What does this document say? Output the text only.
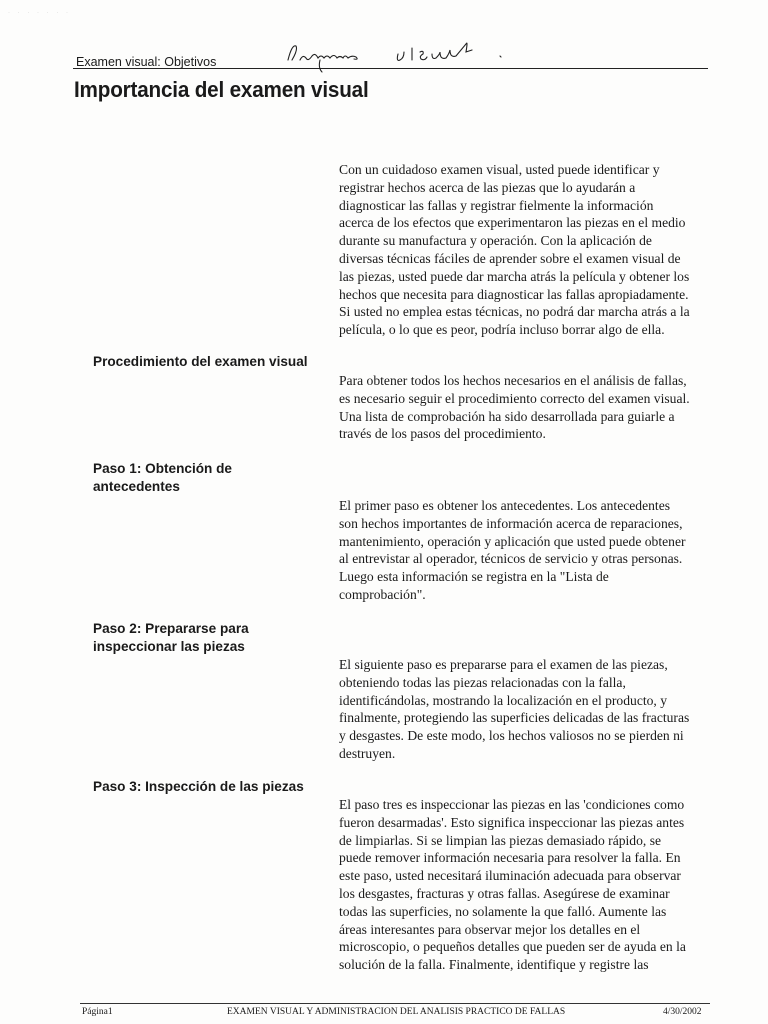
· · · · · · ·
Examen visual: Objetivos
Importancia del examen visual
Con un cuidadoso examen visual, usted puede identificar y
registrar hechos acerca de las piezas que lo ayudarán a
diagnosticar las fallas y registrar fielmente la información
acerca de los efectos que experimentaron las piezas en el medio
durante su manufactura y operación. Con la aplicación de
diversas técnicas fáciles de aprender sobre el examen visual de
las piezas, usted puede dar marcha atrás la película y obtener los
hechos que necesita para diagnosticar las fallas apropiadamente.
Si usted no emplea estas técnicas, no podrá dar marcha atrás a la
película, o lo que es peor, podría incluso borrar algo de ella.
Procedimiento del examen visual
Para obtener todos los hechos necesarios en el análisis de fallas,
es necesario seguir el procedimiento correcto del examen visual.
Una lista de comprobación ha sido desarrollada para guiarle a
través de los pasos del procedimiento.
Paso 1: Obtención de
antecedentes
El primer paso es obtener los antecedentes. Los antecedentes
son hechos importantes de información acerca de reparaciones,
mantenimiento, operación y aplicación que usted puede obtener
al entrevistar al operador, técnicos de servicio y otras personas.
Luego esta información se registra en la "Lista de
comprobación".
Paso 2: Prepararse para
inspeccionar las piezas
El siguiente paso es prepararse para el examen de las piezas,
obteniendo todas las piezas relacionadas con la falla,
identificándolas, mostrando la localización en el producto, y
finalmente, protegiendo las superficies delicadas de las fracturas
y desgastes. De este modo, los hechos valiosos no se pierden ni
destruyen.
Paso 3: Inspección de las piezas
El paso tres es inspeccionar las piezas en las 'condiciones como
fueron desarmadas'. Esto significa inspeccionar las piezas antes
de limpiarlas. Si se limpian las piezas demasiado rápido, se
puede remover información necesaria para resolver la falla. En
este paso, usted necesitará iluminación adecuada para observar
los desgastes, fracturas y otras fallas. Asegúrese de examinar
todas las superficies, no solamente la que falló. Aumente las
áreas interesantes para observar mejor los detalles en el
microscopio, o pequeños detalles que pueden ser de ayuda en la
solución de la falla. Finalmente, identifique y registre las
Página1	EXAMEN VISUAL Y ADMINISTRACION DEL ANALISIS PRACTICO DE FALLAS	4/30/2002
